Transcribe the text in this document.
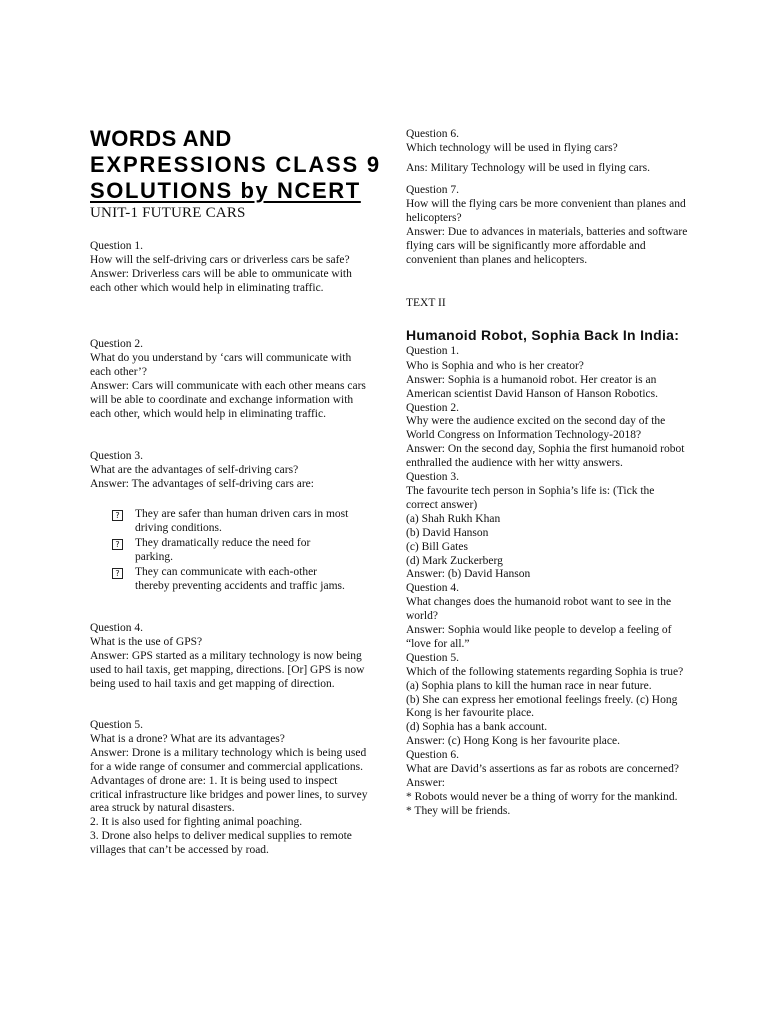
WORDS AND
EXPRESSIONS CLASS 9
SOLUTIONS by NCERT
UNIT-1 FUTURE CARS

Question 1.

How will the self-driving cars or driverless cars be safe?

Answer: Driverless cars will be able to ommunicate with each other which would help in eliminating traffic.

Question 2.

What do you understand by ‘cars will communicate with each other’?

Answer: Cars will communicate with each other means cars will be able to coordinate and exchange information with each other, which would help in eliminating traffic.

Question 3.

What are the advantages of self-driving cars?

Answer: The advantages of self-driving cars are:

? They are safer than human driven cars in most driving conditions.
? They dramatically reduce the need for parking.
? They can communicate with each-other thereby preventing accidents and traffic jams.

Question 4.

What is the use of GPS?

Answer: GPS started as a military technology is now being used to hail taxis, get mapping, directions. [Or] GPS is now being used to hail taxis and get mapping of direction.

Question 5.

What is a drone? What are its advantages?

Answer: Drone is a military technology which is being used for a wide range of consumer and commercial applications. Advantages of drone are: 1. It is being used to inspect critical infrastructure like bridges and power lines, to survey area struck by natural disasters.

2. It is also used for fighting animal poaching.

3. Drone also helps to deliver medical supplies to remote villages that can’t be accessed by road.

Question 6.

Which technology will be used in flying cars?

Ans: Military Technology will be used in flying cars.

Question 7.

How will the flying cars be more convenient than planes and helicopters?

Answer: Due to advances in materials, batteries and software flying cars will be significantly more affordable and convenient than planes and helicopters.

TEXT II

Humanoid Robot, Sophia Back In India: Question 1.

Who is Sophia and who is her creator?

Answer: Sophia is a humanoid robot. Her creator is an American scientist David Hanson of Hanson Robotics.

Question 2.

Why were the audience excited on the second day of the World Congress on Information Technology-2018?

Answer: On the second day, Sophia the first humanoid robot enthralled the audience with her witty answers.

Question 3.

The favourite tech person in Sophia’s life is: (Tick the correct answer)

(a) Shah Rukh Khan

(b) David Hanson

(c) Bill Gates

(d) Mark Zuckerberg

Answer: (b) David Hanson

Question 4.

What changes does the humanoid robot want to see in the world?

Answer: Sophia would like people to develop a feeling of “love for all.”

Question 5.

Which of the following statements regarding Sophia is true?

(a) Sophia plans to kill the human race in near future.

(b) She can express her emotional feelings freely. (c) Hong Kong is her favourite place.

(d) Sophia has a bank account.

Answer: (c) Hong Kong is her favourite place.

Question 6.

What are David’s assertions as far as robots are concerned?

Answer:

* Robots would never be a thing of worry for the mankind.

* They will be friends.
